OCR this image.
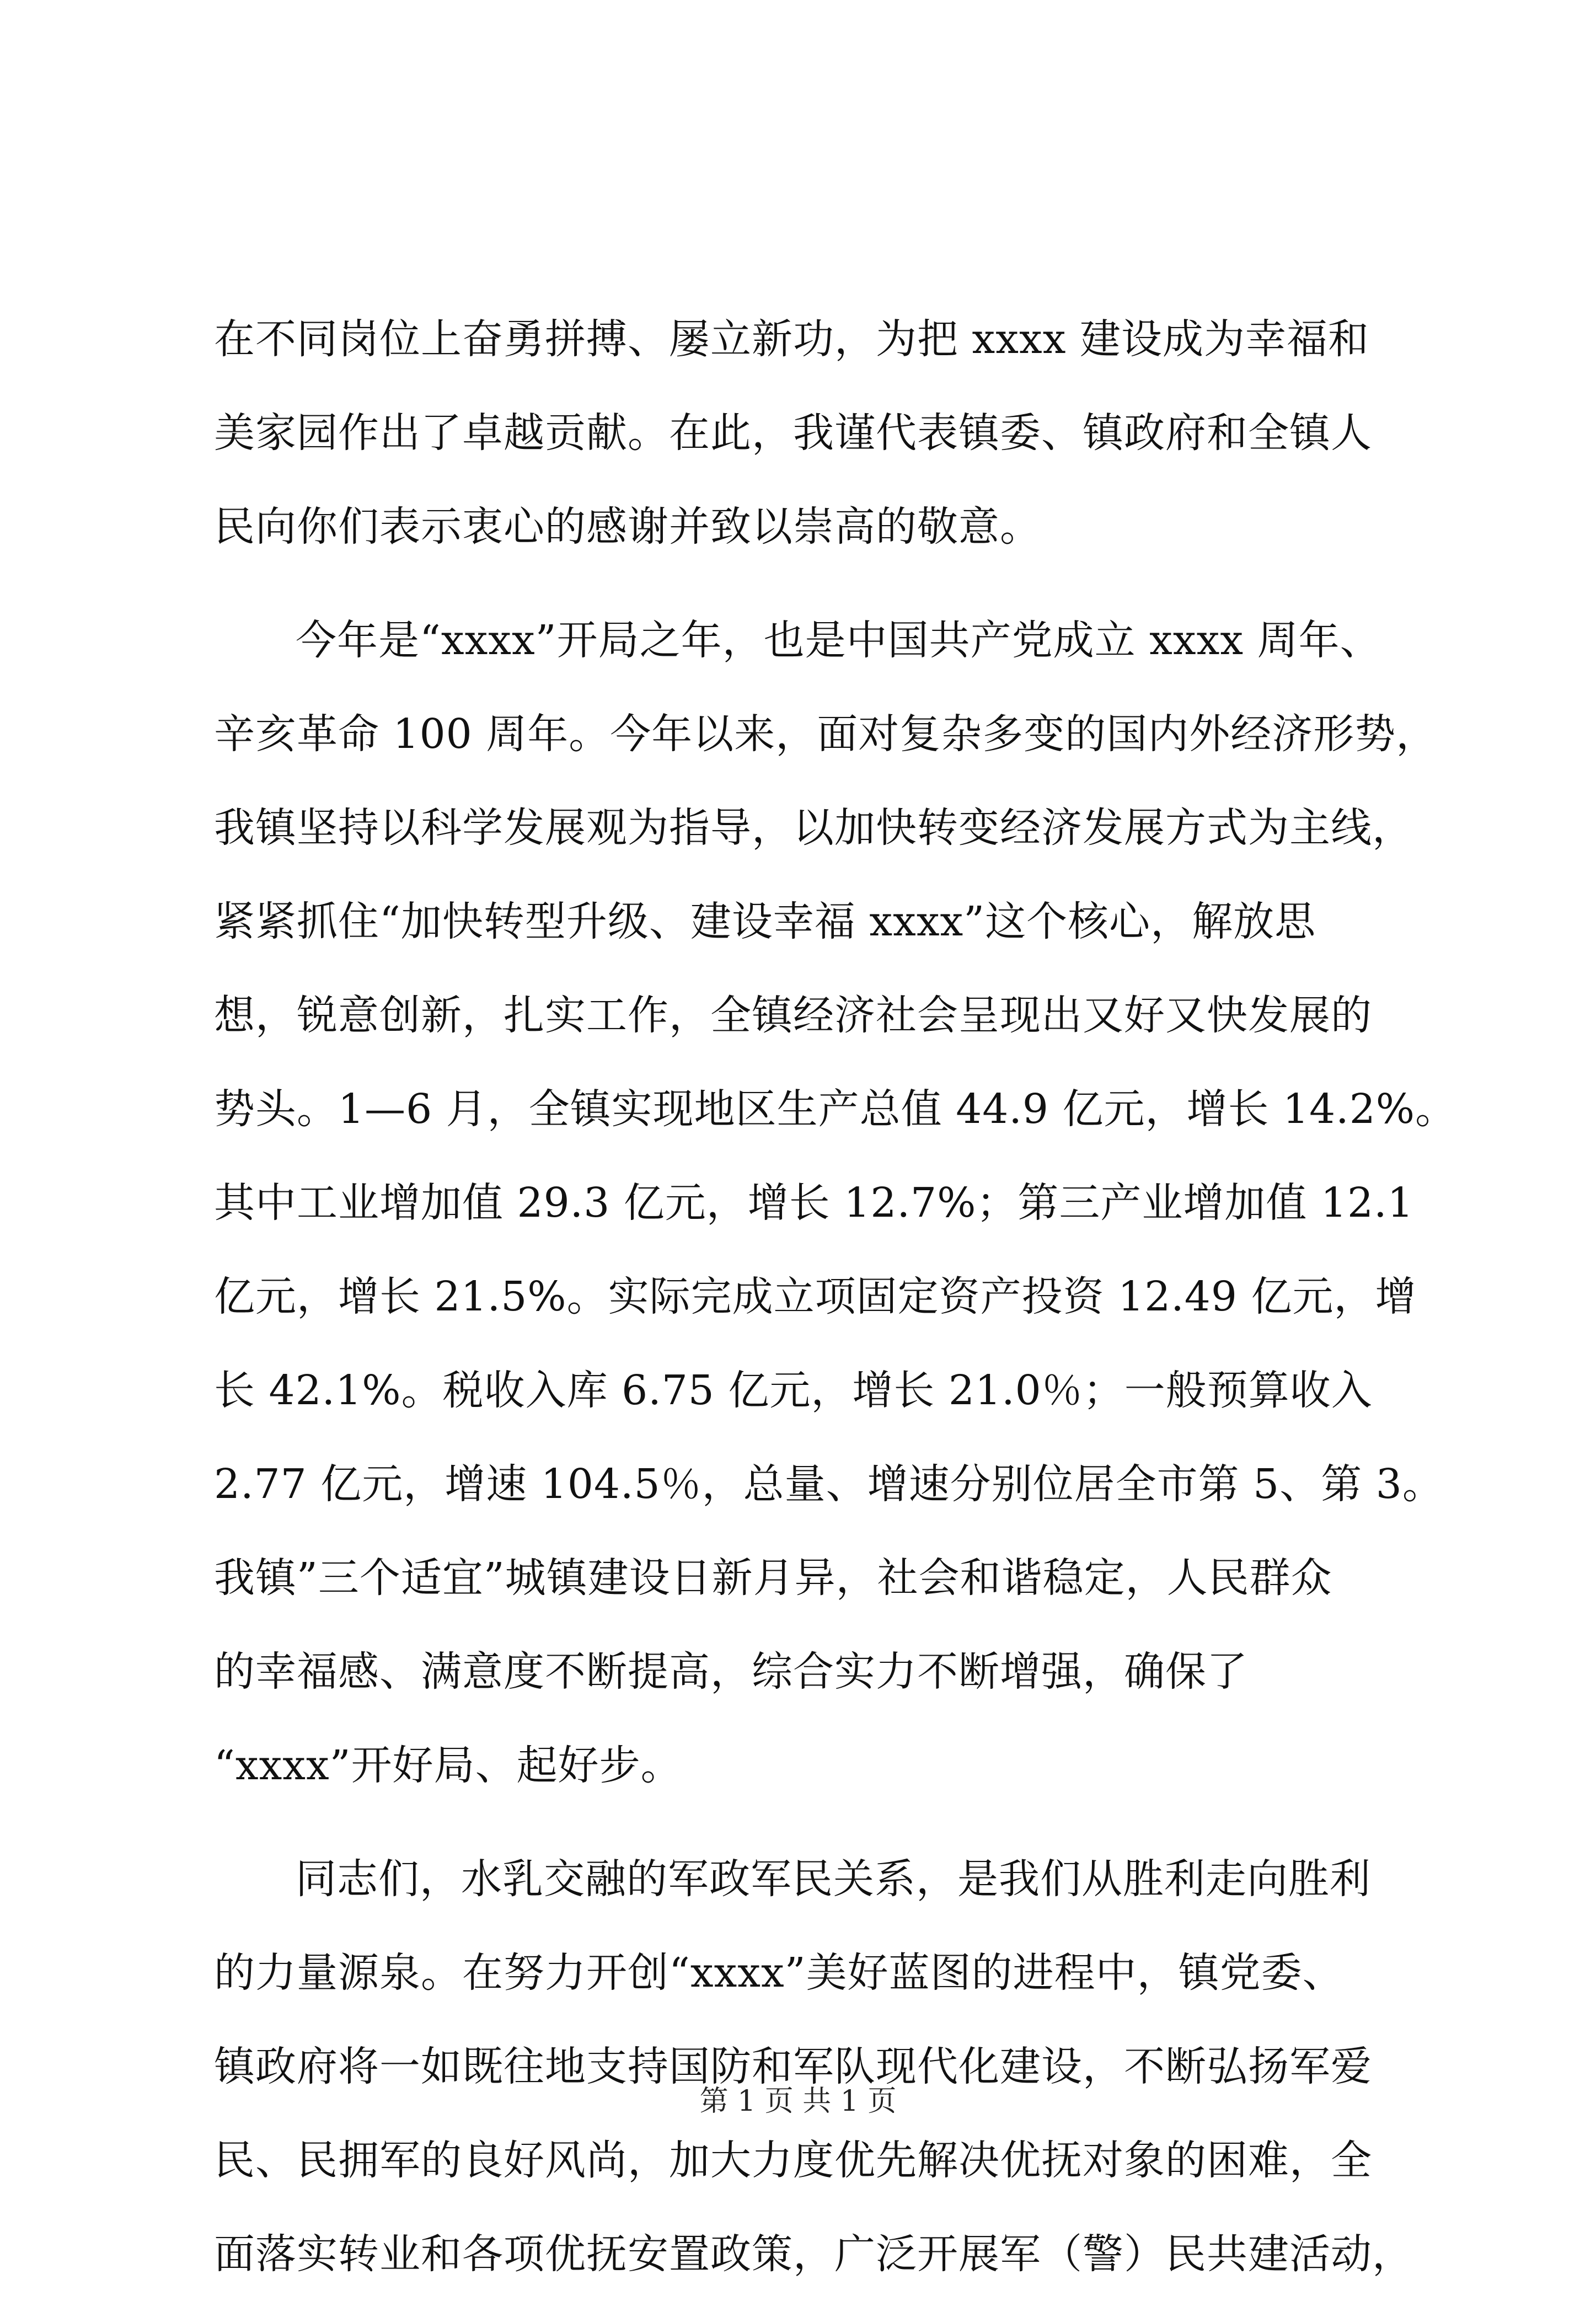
在不同岗位上奋勇拼搏、屡立新功，为把 xxxx 建设成为幸福和
美家园作出了卓越贡献。在此，我谨代表镇委、镇政府和全镇人
民向你们表示衷心的感谢并致以崇高的敬意。
今年是“xxxx”开局之年，也是中国共产党成立 xxxx 周年、
辛亥革命 100 周年。今年以来，面对复杂多变的国内外经济形势，
我镇坚持以科学发展观为指导，以加快转变经济发展方式为主线，
紧紧抓住“加快转型升级、建设幸福 xxxx”这个核心，解放思
想，锐意创新，扎实工作，全镇经济社会呈现出又好又快发展的
势头。1—6 月，全镇实现地区生产总值 44.9 亿元，增长 14.2%。
其中工业增加值 29.3 亿元，增长 12.7%；第三产业增加值 12.1
亿元，增长 21.5%。实际完成立项固定资产投资 12.49 亿元，增
长 42.1%。税收入库 6.75 亿元，增长 21.0％；一般预算收入
2.77 亿元，增速 104.5％，总量、增速分别位居全市第 5、第 3。
我镇”三个适宜”城镇建设日新月异，社会和谐稳定，人民群众
的幸福感、满意度不断提高，综合实力不断增强，确保了
“xxxx”开好局、起好步。
同志们，水乳交融的军政军民关系，是我们从胜利走向胜利
的力量源泉。在努力开创“xxxx”美好蓝图的进程中，镇党委、
镇政府将一如既往地支持国防和军队现代化建设，不断弘扬军爱
民、民拥军的良好风尚，加大力度优先解决优抚对象的困难，全
面落实转业和各项优抚安置政策，广泛开展军（警）民共建活动，
第 1 页 共 1 页
